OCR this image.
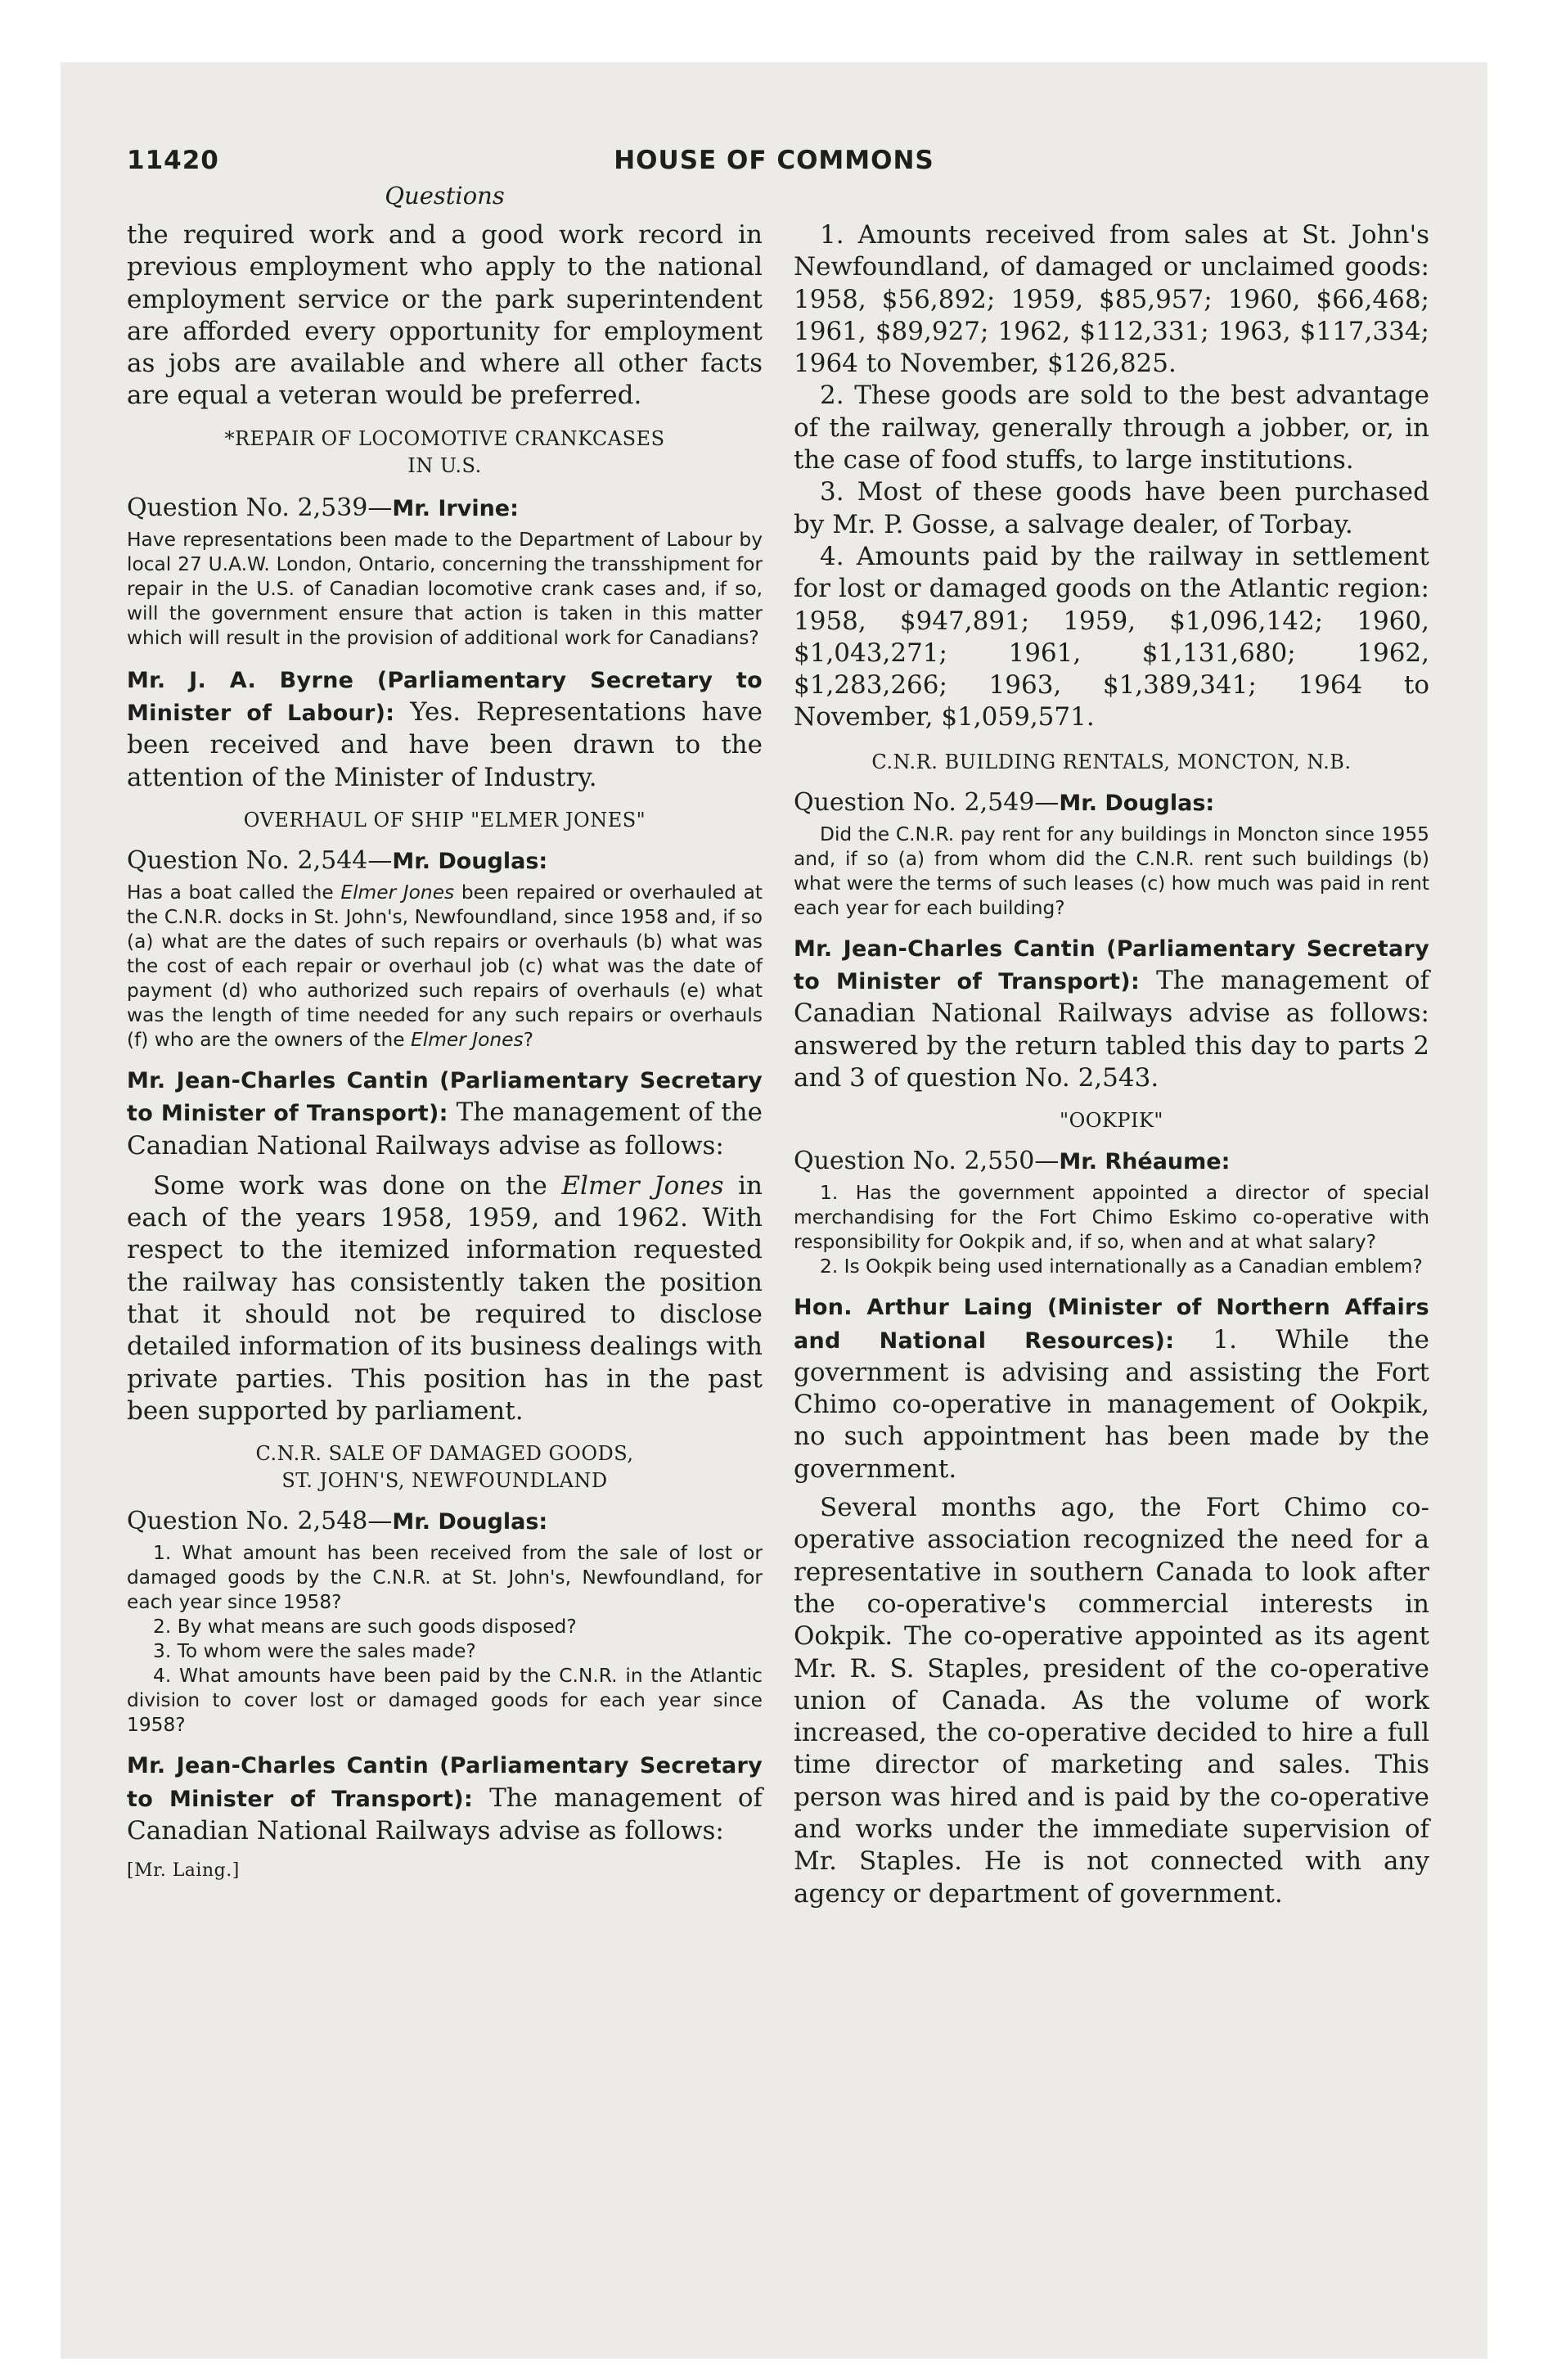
11420	HOUSE OF COMMONS
Questions

the required work and a good work record in previous employment who apply to the national employment service or the park superintendent are afforded every opportunity for employment as jobs are available and where all other facts are equal a veteran would be preferred.

*REPAIR OF LOCOMOTIVE CRANKCASES

IN U.S.

Question No. 2,539—Mr. Irvine:

Have representations been made to the Department of Labour by local 27 U.A.W. London, Ontario, concerning the transshipment for repair in the U.S. of Canadian locomotive crank cases and, if so, will the government ensure that action is taken in this matter which will result in the provision of additional work for Canadians?

Mr. J. A. Byrne (Parliamentary Secretary to Minister of Labour): Yes. Representations have been received and have been drawn to the attention of the Minister of Industry.

OVERHAUL OF SHIP "ELMER JONES"

Question No. 2,544—Mr. Douglas:

Has a boat called the Elmer Jones been repaired or overhauled at the C.N.R. docks in St. John's, Newfoundland, since 1958 and, if so (a) what are the dates of such repairs or overhauls (b) what was the cost of each repair or overhaul job (c) what was the date of payment (d) who authorized such repairs of overhauls (e) what was the length of time needed for any such repairs or overhauls (f) who are the owners of the Elmer Jones?

Mr. Jean-Charles Cantin (Parliamentary Secretary to Minister of Transport): The management of the Canadian National Railways advise as follows:

Some work was done on the Elmer Jones in each of the years 1958, 1959, and 1962. With respect to the itemized information requested the railway has consistently taken the position that it should not be required to disclose detailed information of its business dealings with private parties. This position has in the past been supported by parliament.

C.N.R. SALE OF DAMAGED GOODS,

ST. JOHN'S, NEWFOUNDLAND

Question No. 2,548—Mr. Douglas:

1. What amount has been received from the sale of lost or damaged goods by the C.N.R. at St. John's, Newfoundland, for each year since 1958?

2. By what means are such goods disposed?

3. To whom were the sales made?

4. What amounts have been paid by the C.N.R. in the Atlantic division to cover lost or damaged goods for each year since 1958?

Mr. Jean-Charles Cantin (Parliamentary Secretary to Minister of Transport): The management of Canadian National Railways advise as follows:

[Mr. Laing.]

1. Amounts received from sales at St. John's Newfoundland, of damaged or unclaimed goods: 1958, $56,892; 1959, $85,957; 1960, $66,468; 1961, $89,927; 1962, $112,331; 1963, $117,334; 1964 to November, $126,825.

2. These goods are sold to the best advantage of the railway, generally through a jobber, or, in the case of food stuffs, to large institutions.

3. Most of these goods have been purchased by Mr. P. Gosse, a salvage dealer, of Torbay.

4. Amounts paid by the railway in settlement for lost or damaged goods on the Atlantic region: 1958, $947,891; 1959, $1,096,142; 1960, $1,043,271; 1961, $1,131,680; 1962, $1,283,266; 1963, $1,389,341; 1964 to November, $1,059,571.

C.N.R. BUILDING RENTALS, MONCTON, N.B.

Question No. 2,549—Mr. Douglas:

Did the C.N.R. pay rent for any buildings in Moncton since 1955 and, if so (a) from whom did the C.N.R. rent such buildings (b) what were the terms of such leases (c) how much was paid in rent each year for each building?

Mr. Jean-Charles Cantin (Parliamentary Secretary to Minister of Transport): The management of Canadian National Railways advise as follows: answered by the return tabled this day to parts 2 and 3 of question No. 2,543.

"OOKPIK"

Question No. 2,550—Mr. Rhéaume:

1. Has the government appointed a director of special merchandising for the Fort Chimo Eskimo co-operative with responsibility for Ookpik and, if so, when and at what salary?

2. Is Ookpik being used internationally as a Canadian emblem?

Hon. Arthur Laing (Minister of Northern Affairs and National Resources): 1. While the government is advising and assisting the Fort Chimo co-operative in management of Ookpik, no such appointment has been made by the government.

Several months ago, the Fort Chimo co-operative association recognized the need for a representative in southern Canada to look after the co-operative's commercial interests in Ookpik. The co-operative appointed as its agent Mr. R. S. Staples, president of the co-operative union of Canada. As the volume of work increased, the co-operative decided to hire a full time director of marketing and sales. This person was hired and is paid by the co-operative and works under the immediate supervision of Mr. Staples. He is not connected with any agency or department of government.
